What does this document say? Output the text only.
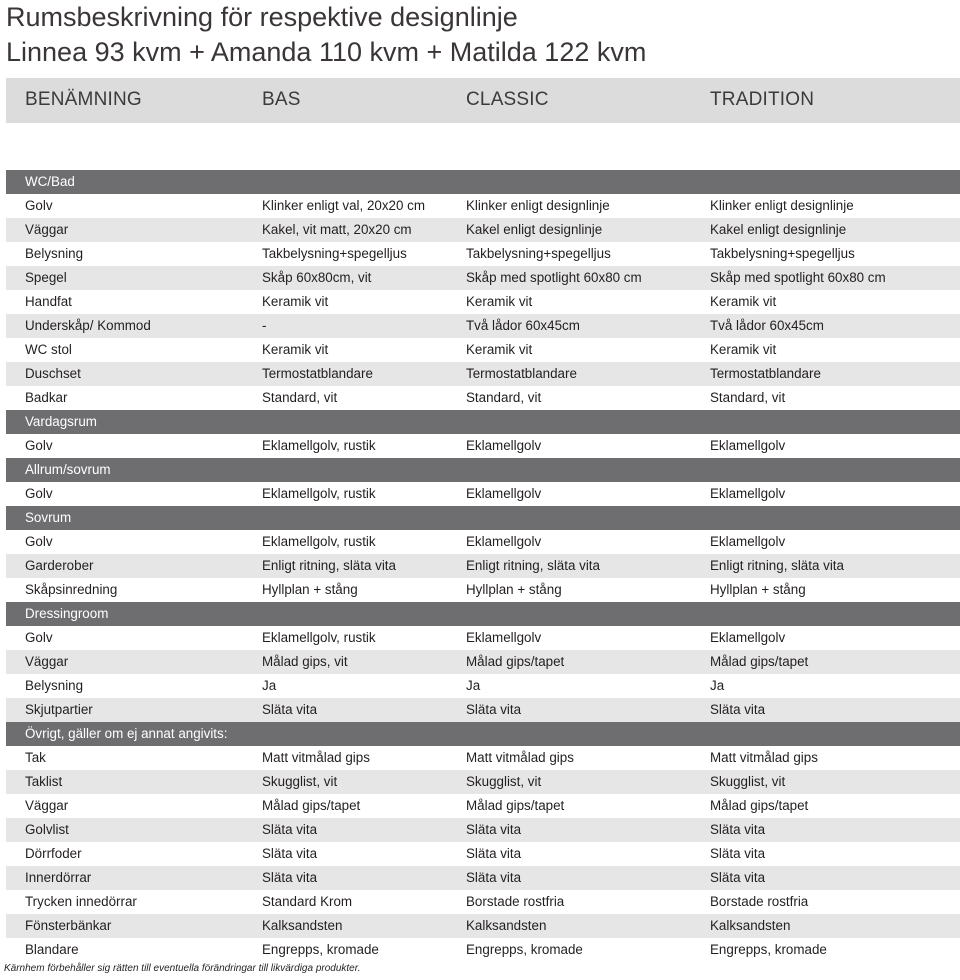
Rumsbeskrivning för respektive designlinje
Linnea 93 kvm + Amanda 110 kvm + Matilda 122 kvm
BENÄMNING	BAS	CLASSIC	TRADITION
WC/Bad
Golv	Klinker enligt val, 20x20 cm	Klinker enligt designlinje	Klinker enligt designlinje
Väggar	Kakel, vit matt, 20x20 cm	Kakel enligt designlinje	Kakel enligt designlinje
Belysning	Takbelysning+spegelljus	Takbelysning+spegelljus	Takbelysning+spegelljus
Spegel	Skåp 60x80cm, vit	Skåp med spotlight 60x80 cm	Skåp med spotlight 60x80 cm
Handfat	Keramik vit	Keramik vit	Keramik vit
Underskåp/ Kommod	-	Två lådor 60x45cm	Två lådor 60x45cm
WC stol	Keramik vit	Keramik vit	Keramik vit
Duschset	Termostatblandare	Termostatblandare	Termostatblandare
Badkar	Standard, vit	Standard, vit	Standard, vit
Vardagsrum
Golv	Eklamellgolv, rustik	Eklamellgolv	Eklamellgolv
Allrum/sovrum
Golv	Eklamellgolv, rustik	Eklamellgolv	Eklamellgolv
Sovrum
Golv	Eklamellgolv, rustik	Eklamellgolv	Eklamellgolv
Garderober	Enligt ritning, släta vita	Enligt ritning, släta vita	Enligt ritning, släta vita
Skåpsinredning	Hyllplan + stång	Hyllplan + stång	Hyllplan + stång
Dressingroom
Golv	Eklamellgolv, rustik	Eklamellgolv	Eklamellgolv
Väggar	Målad gips, vit	Målad gips/tapet	Målad gips/tapet
Belysning	Ja	Ja	Ja
Skjutpartier	Släta vita	Släta vita	Släta vita
Övrigt, gäller om ej annat angivits:
Tak	Matt vitmålad gips	Matt vitmålad gips	Matt vitmålad gips
Taklist	Skugglist, vit	Skugglist, vit	Skugglist, vit
Väggar	Målad gips/tapet	Målad gips/tapet	Målad gips/tapet
Golvlist	Släta vita	Släta vita	Släta vita
Dörrfoder	Släta vita	Släta vita	Släta vita
Innerdörrar	Släta vita	Släta vita	Släta vita
Trycken innedörrar	Standard Krom	Borstade rostfria	Borstade rostfria
Fönsterbänkar	Kalksandsten	Kalksandsten	Kalksandsten
Blandare	Engrepps, kromade	Engrepps, kromade	Engrepps, kromade
Kärnhem förbehåller sig rätten till eventuella förändringar till likvärdiga produkter.
